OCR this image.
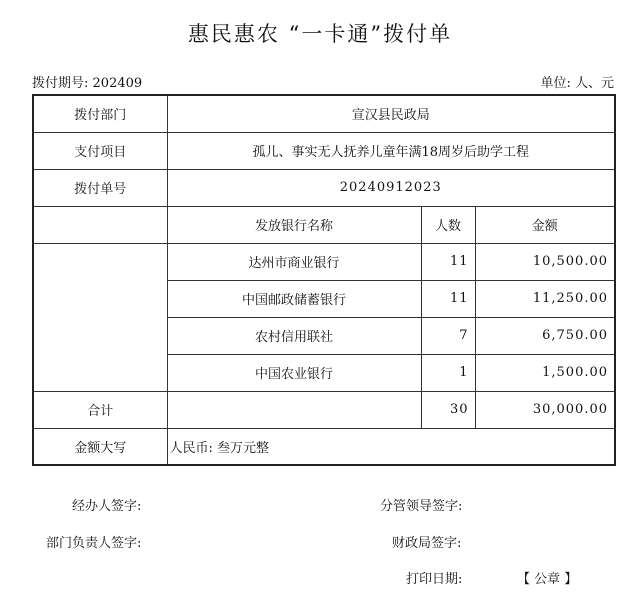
惠民惠农 “一卡通”拨付单
拨付期号: 202409	单位: 人、元
拨付部门	宣汉县民政局		
支付项目	孤儿、事实无人抚养儿童年满18周岁后助学工程		
拨付单号	20240912023		
	发放银行名称	人数	金额
	达州市商业银行	11	10,500.00
	中国邮政储蓄银行	11	11,250.00
	农村信用联社	7	6,750.00
	中国农业银行	1	1,500.00
合计		30	30,000.00
金额大写	人民币: 叁万元整		
经办人签字:	分管领导签字:
部门负责人签字:	财政局签字:
打印日期:	【 公章 】
